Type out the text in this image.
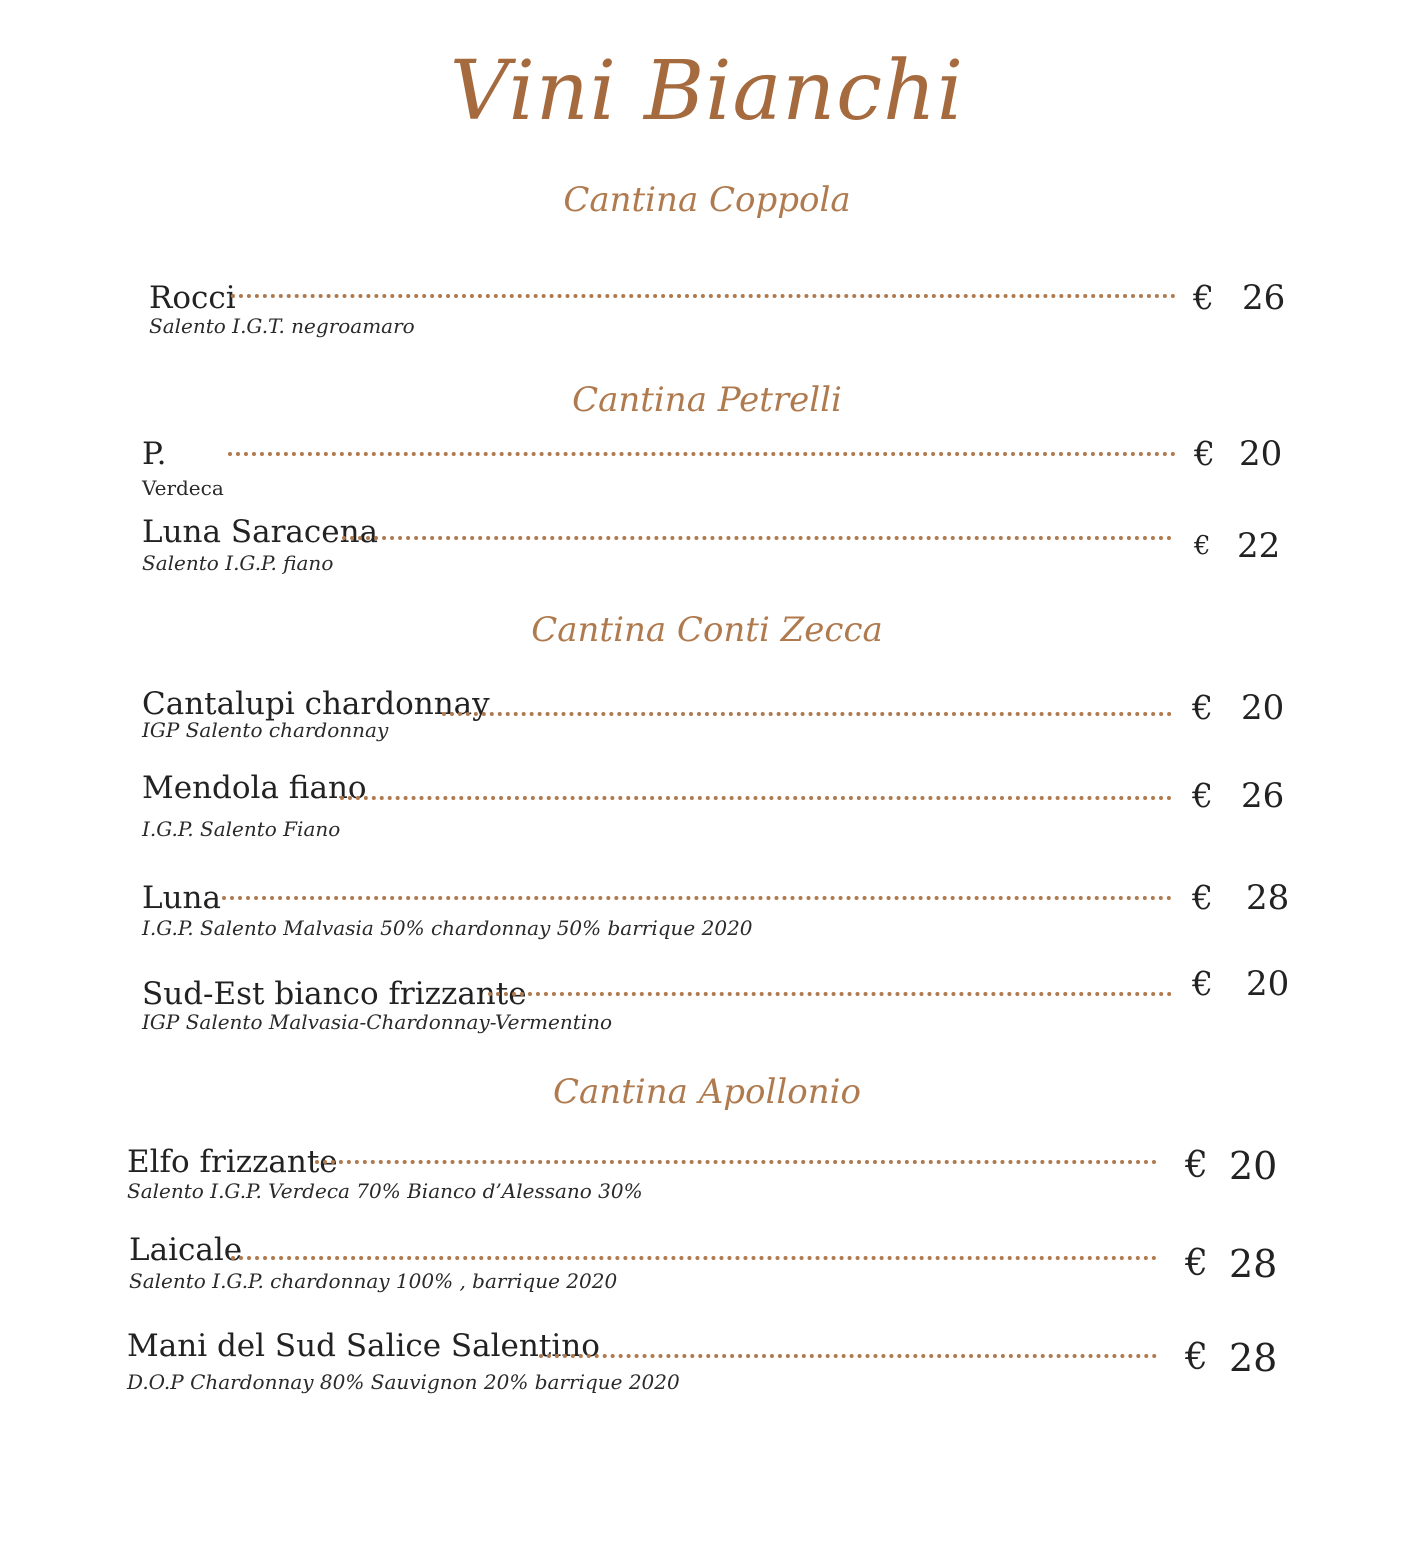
Vini Bianchi
Cantina Coppola
Rocci
Salento I.G.T. negroamaro
€ 26
Cantina Petrelli
P.
Verdeca
€ 20
Luna Saracena
Salento I.G.P. fiano
€ 22
Cantina Conti Zecca
Cantalupi chardonnay
IGP Salento chardonnay
€ 20
Mendola fiano
I.G.P. Salento Fiano
€ 26
Luna
I.G.P. Salento Malvasia 50% chardonnay 50% barrique 2020
€ 28
Sud-Est bianco frizzante
IGP Salento Malvasia-Chardonnay-Vermentino
€ 20
Cantina Apollonio
Elfo frizzante
Salento I.G.P. Verdeca 70% Bianco d’Alessano 30%
€ 20
Laicale
Salento I.G.P. chardonnay 100% , barrique 2020	€ 28
Mani del Sud Salice Salentino
D.O.P Chardonnay 80% Sauvignon 20% barrique 2020
€ 28
